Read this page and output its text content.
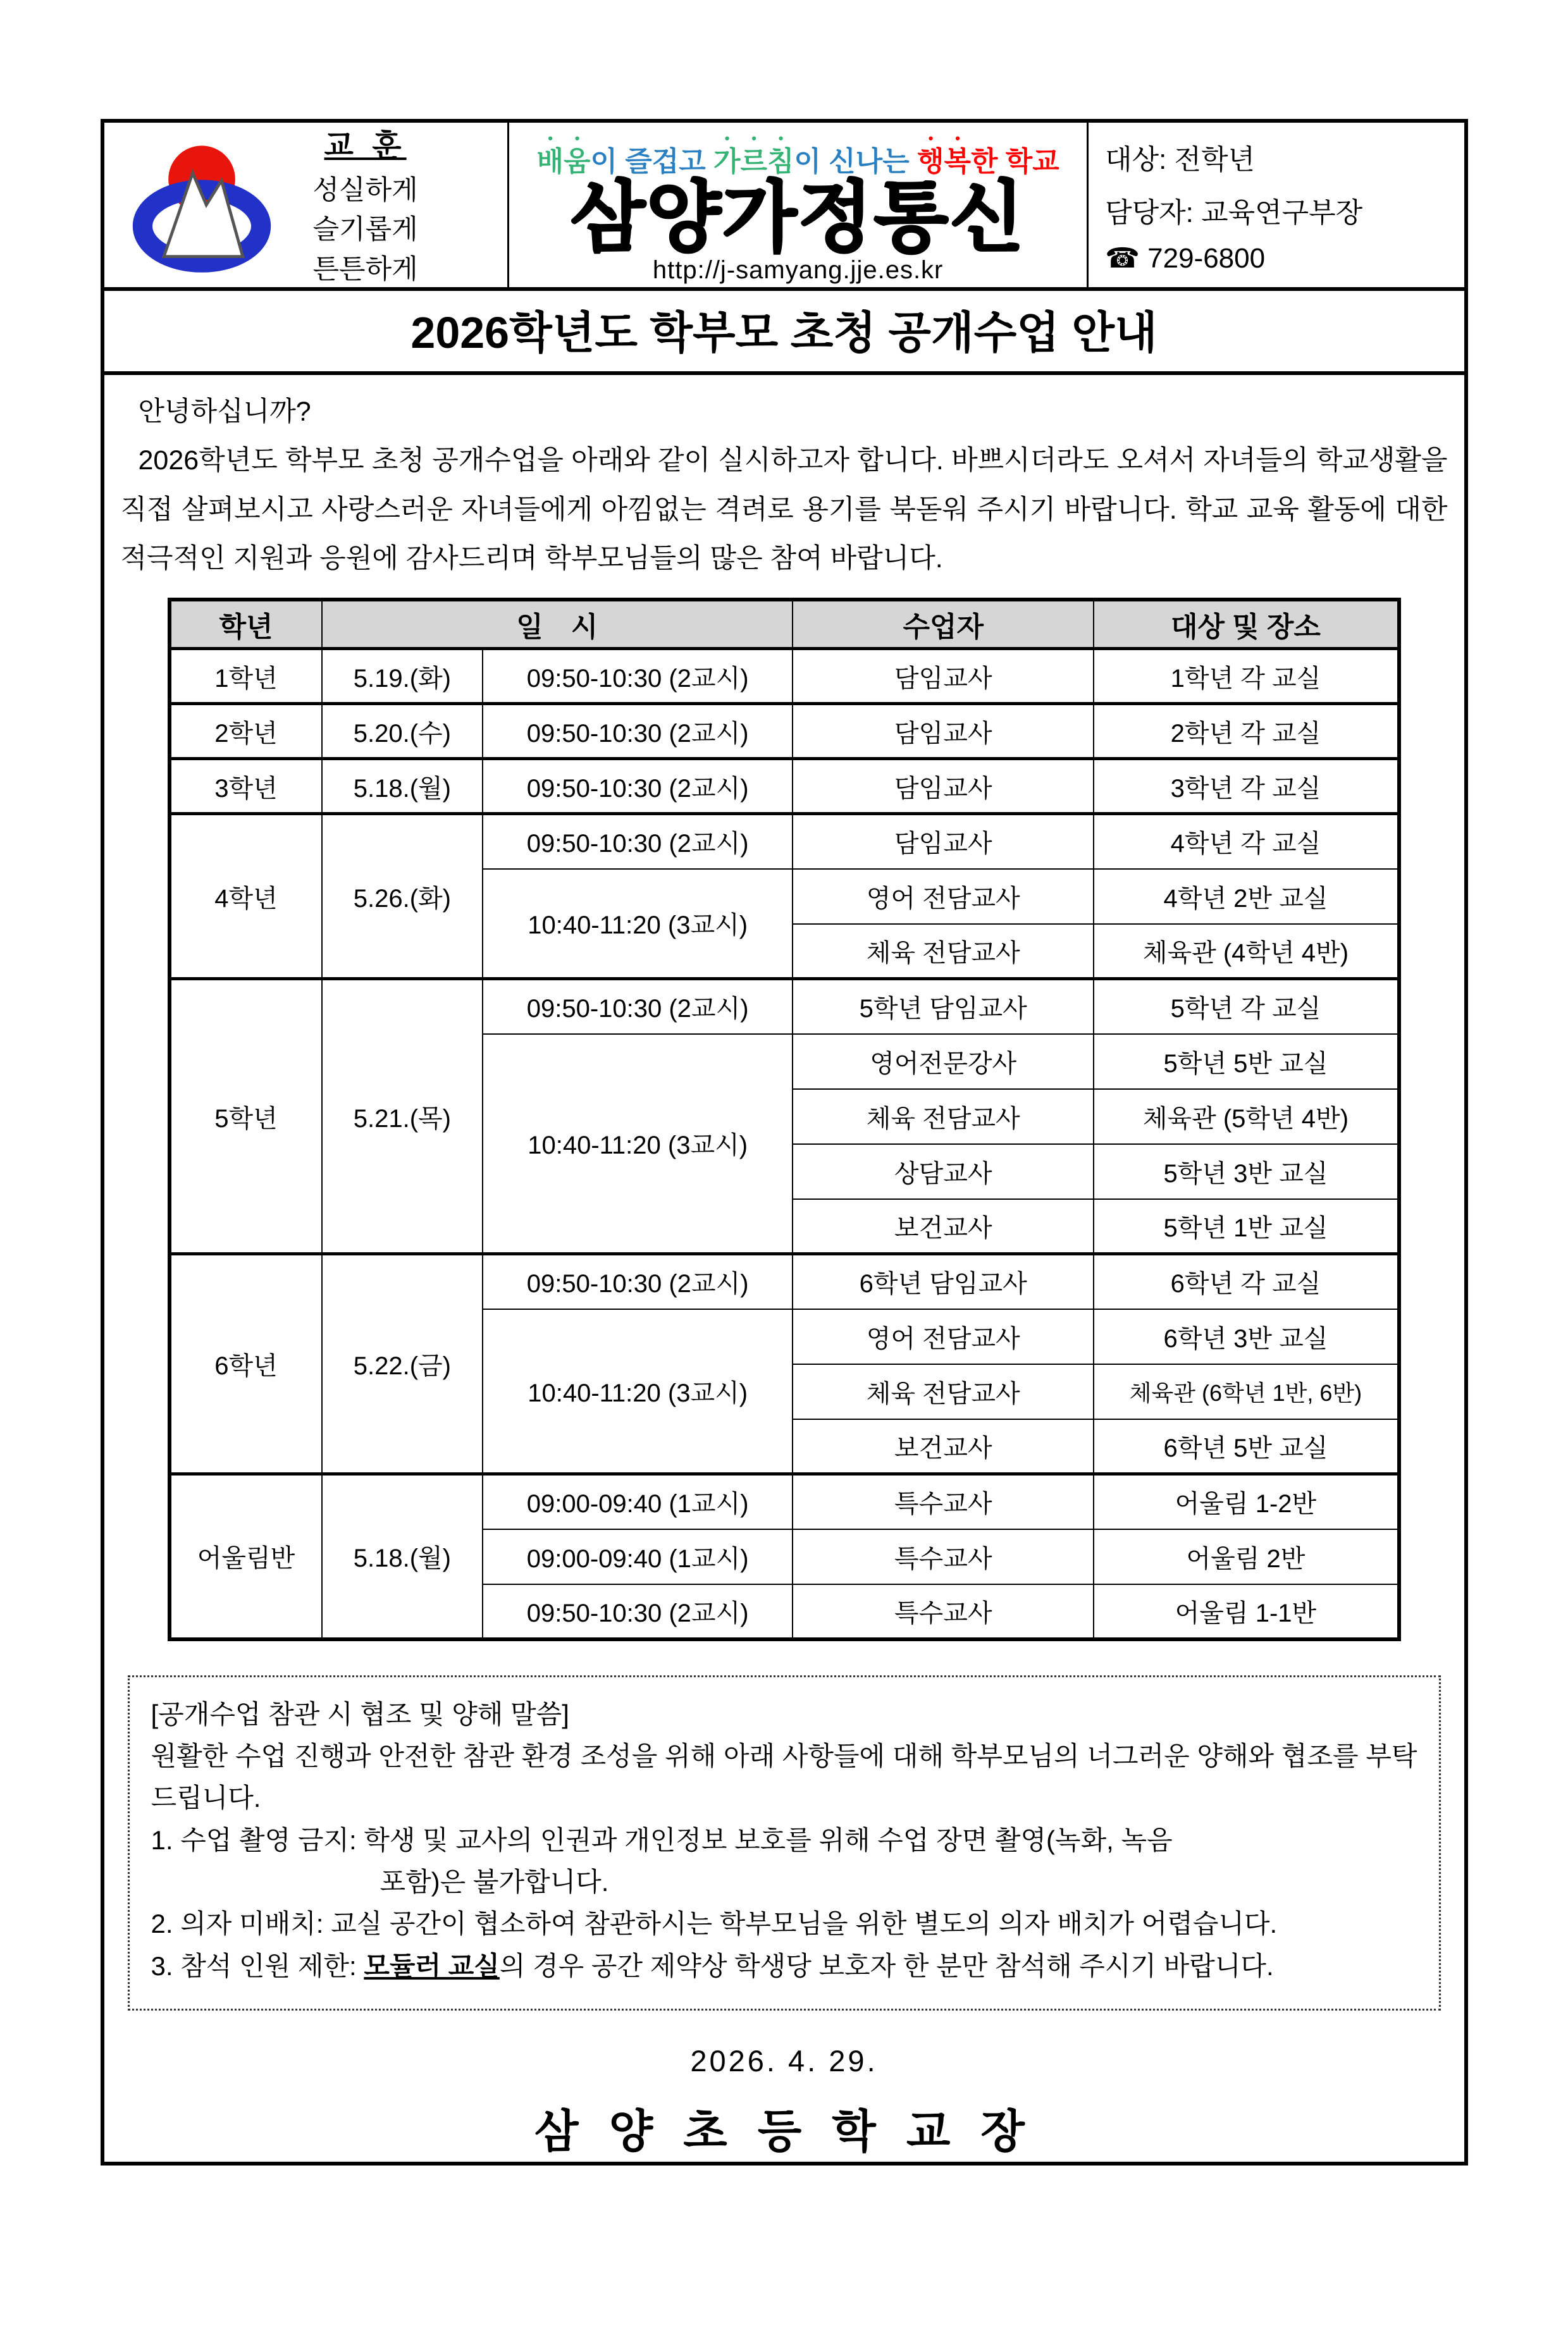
교 훈
성실하게
슬기롭게
튼튼하게
배움이 즐겁고 가르침이 신나는 행복한 학교
삼양가정통신
http://j-samyang.jje.es.kr
대상: 전학년
담당자: 교육연구부장
☎ 729-6800
2026학년도 학부모 초청 공개수업 안내

안녕하십니까?

2026학년도 학부모 초청 공개수업을 아래와 같이 실시하고자 합니다. 바쁘시더라도 오셔서 자녀들의 학교생활을 직접 살펴보시고 사랑스러운 자녀들에게 아낌없는 격려로 용기를 북돋워 주시기 바랍니다. 학교 교육 활동에 대한 적극적인 지원과 응원에 감사드리며 학부모님들의 많은 참여 바랍니다.

학년	일　시		수업자	대상 및 장소
1학년	5.19.(화)	09:50-10:30 (2교시)	담임교사	1학년 각 교실
2학년	5.20.(수)	09:50-10:30 (2교시)	담임교사	2학년 각 교실
3학년	5.18.(월)	09:50-10:30 (2교시)	담임교사	3학년 각 교실
4학년	5.26.(화)	09:50-10:30 (2교시)	담임교사	4학년 각 교실
		10:40-11:20 (3교시)	영어 전담교사	4학년 2반 교실
			체육 전담교사	체육관 (4학년 4반)
5학년	5.21.(목)	09:50-10:30 (2교시)	5학년 담임교사	5학년 각 교실
		10:40-11:20 (3교시)	영어전문강사	5학년 5반 교실
			체육 전담교사	체육관 (5학년 4반)
			상담교사	5학년 3반 교실
			보건교사	5학년 1반 교실
6학년	5.22.(금)	09:50-10:30 (2교시)	6학년 담임교사	6학년 각 교실
		10:40-11:20 (3교시)	영어 전담교사	6학년 3반 교실
			체육 전담교사	체육관 (6학년 1반, 6반)
			보건교사	6학년 5반 교실
어울림반	5.18.(월)	09:00-09:40 (1교시)	특수교사	어울림 1-2반
		09:00-09:40 (1교시)	특수교사	어울림 2반
		09:50-10:30 (2교시)	특수교사	어울림 1-1반
[공개수업 참관 시 협조 및 양해 말씀]
원활한 수업 진행과 안전한 참관 환경 조성을 위해 아래 사항들에 대해 학부모님의 너그러운 양해와 협조를 부탁드립니다.
1. 수업 촬영 금지: 학생 및 교사의 인권과 개인정보 보호를 위해 수업 장면 촬영(녹화, 녹음
포함)은 불가합니다.
2. 의자 미배치: 교실 공간이 협소하여 참관하시는 학부모님을 위한 별도의 의자 배치가 어렵습니다.
3. 참석 인원 제한: 모듈러 교실의 경우 공간 제약상 학생당 보호자 한 분만 참석해 주시기 바랍니다.
2026. 4. 29.
삼 양 초 등 학 교 장
